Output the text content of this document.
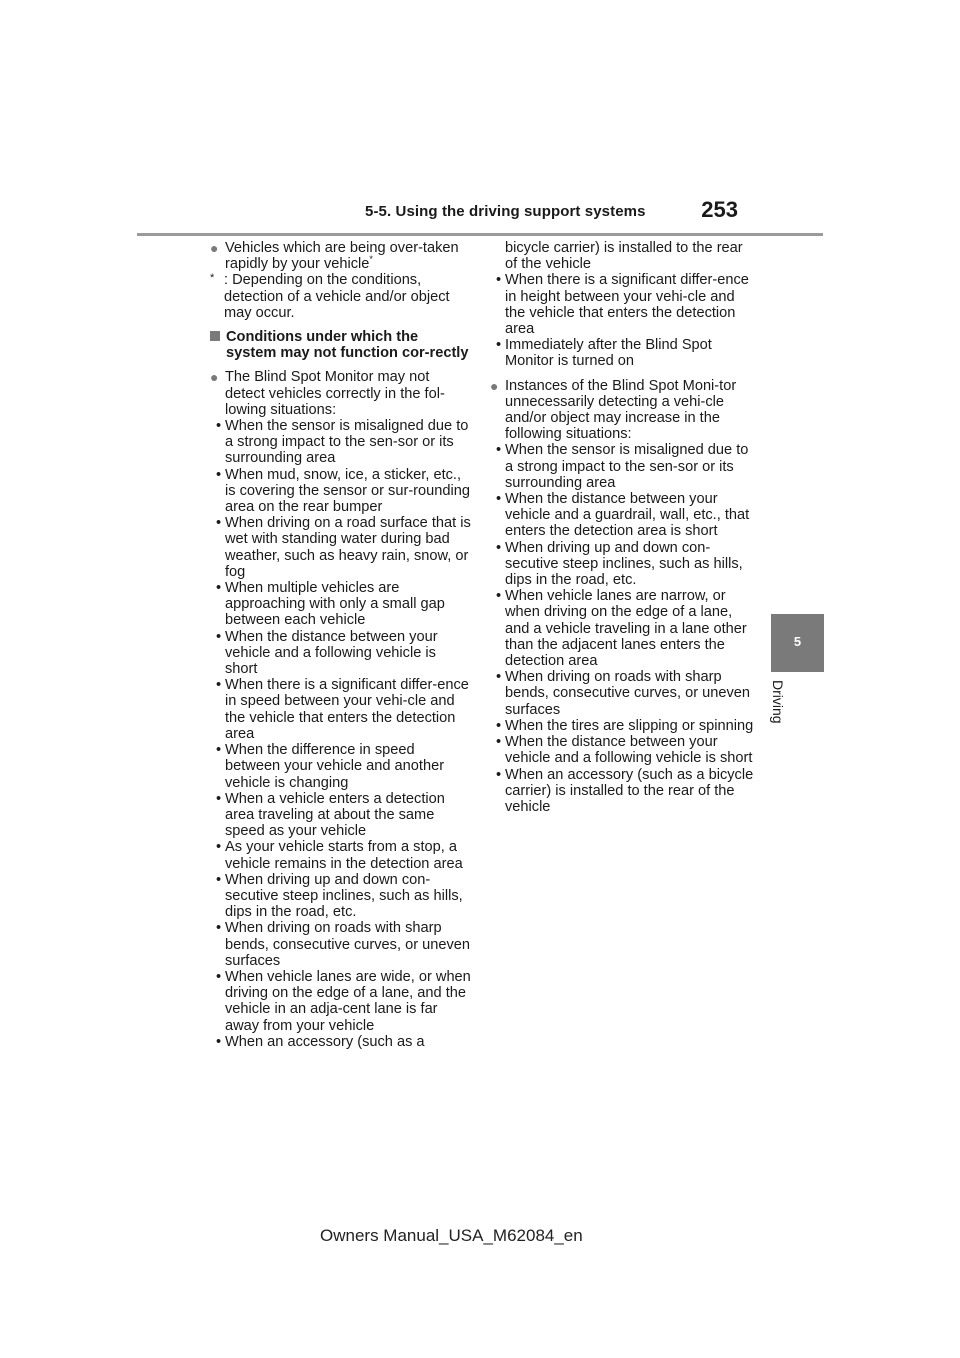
5-5. Using the driving support systems	253
5
Driving
● Vehicles which are being over-taken rapidly by your vehicle*
* : Depending on the conditions, detection of a vehicle and/or object may occur.
Conditions under which the system may not function cor-rectly
● The Blind Spot Monitor may not detect vehicles correctly in the fol-lowing situations:
• When the sensor is misaligned due to a strong impact to the sen-sor or its surrounding area
• When mud, snow, ice, a sticker, etc., is covering the sensor or sur-rounding area on the rear bumper
• When driving on a road surface that is wet with standing water during bad weather, such as heavy rain, snow, or fog
• When multiple vehicles are approaching with only a small gap between each vehicle
• When the distance between your vehicle and a following vehicle is short
• When there is a significant differ-ence in speed between your vehi-cle and the vehicle that enters the detection area
• When the difference in speed between your vehicle and another vehicle is changing
• When a vehicle enters a detection area traveling at about the same speed as your vehicle
• As your vehicle starts from a stop, a vehicle remains in the detection area
• When driving up and down con-secutive steep inclines, such as hills, dips in the road, etc.
• When driving on roads with sharp bends, consecutive curves, or uneven surfaces
• When vehicle lanes are wide, or when driving on the edge of a lane, and the vehicle in an adja-cent lane is far away from your vehicle
• When an accessory (such as a
bicycle carrier) is installed to the rear of the vehicle
• When there is a significant differ-ence in height between your vehi-cle and the vehicle that enters the detection area
• Immediately after the Blind Spot Monitor is turned on
● Instances of the Blind Spot Moni-tor unnecessarily detecting a vehi-cle and/or object may increase in the following situations:
• When the sensor is misaligned due to a strong impact to the sen-sor or its surrounding area
• When the distance between your vehicle and a guardrail, wall, etc., that enters the detection area is short
• When driving up and down con-secutive steep inclines, such as hills, dips in the road, etc.
• When vehicle lanes are narrow, or when driving on the edge of a lane, and a vehicle traveling in a lane other than the adjacent lanes enters the detection area
• When driving on roads with sharp bends, consecutive curves, or uneven surfaces
• When the tires are slipping or spinning
• When the distance between your vehicle and a following vehicle is short
• When an accessory (such as a bicycle carrier) is installed to the rear of the vehicle
Owners Manual_USA_M62084_en
